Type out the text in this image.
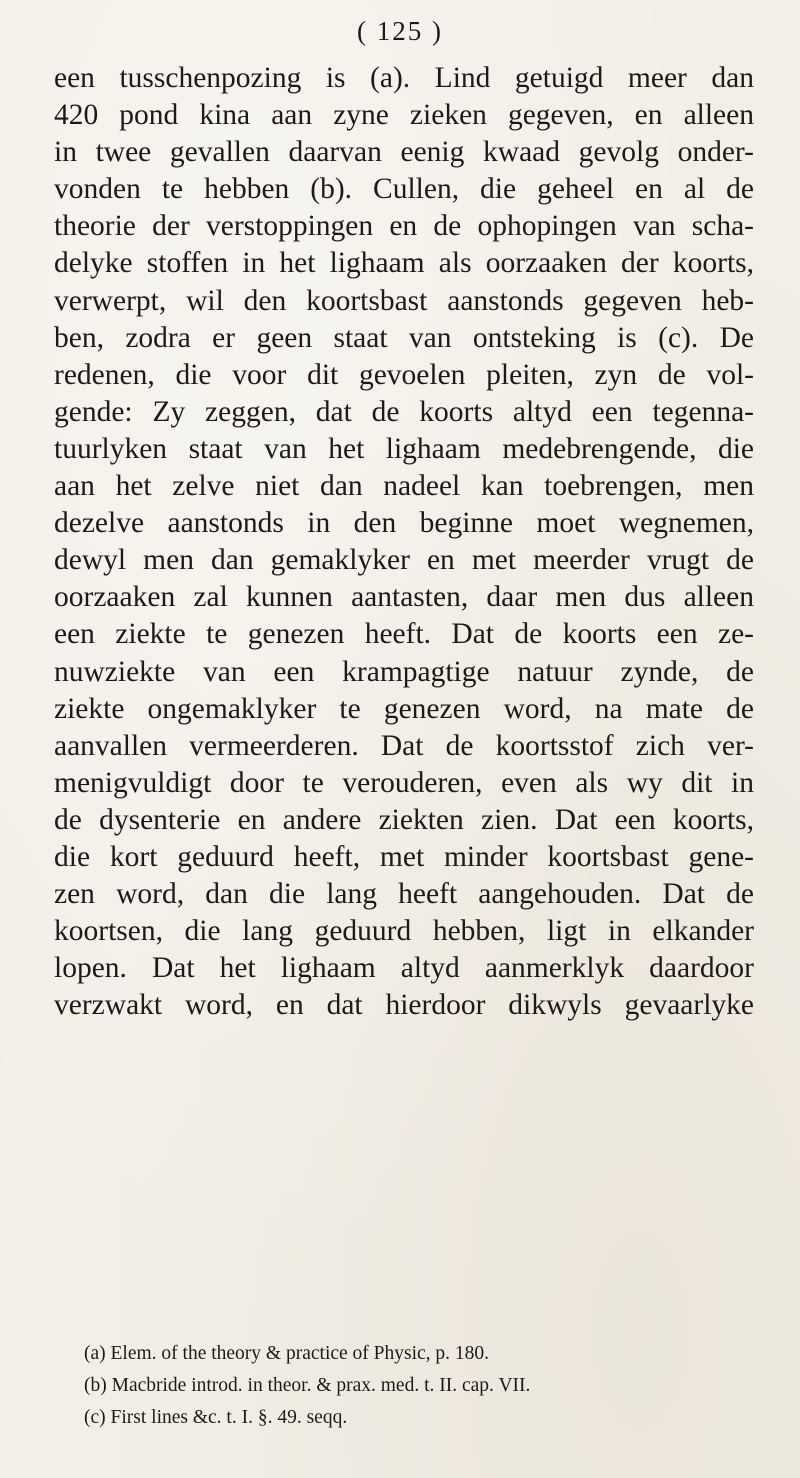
( 125 )
een tusschenpozing is (a). Lind getuigd meer dan
420 pond kina aan zyne zieken gegeven, en alleen
in twee gevallen daarvan eenig kwaad gevolg onder-
vonden te hebben (b). Cullen, die geheel en al de
theorie der verstoppingen en de ophopingen van scha-
delyke stoffen in het lighaam als oorzaaken der koorts,
verwerpt, wil den koortsbast aanstonds gegeven heb-
ben, zodra er geen staat van ontsteking is (c). De
redenen, die voor dit gevoelen pleiten, zyn de vol-
gende: Zy zeggen, dat de koorts altyd een tegenna-
tuurlyken staat van het lighaam medebrengende, die
aan het zelve niet dan nadeel kan toebrengen, men
dezelve aanstonds in den beginne moet wegnemen,
dewyl men dan gemaklyker en met meerder vrugt de
oorzaaken zal kunnen aantasten, daar men dus alleen
een ziekte te genezen heeft. Dat de koorts een ze-
nuwziekte van een krampagtige natuur zynde, de
ziekte ongemaklyker te genezen word, na mate de
aanvallen vermeerderen. Dat de koortsstof zich ver-
menigvuldigt door te verouderen, even als wy dit in
de dysenterie en andere ziekten zien. Dat een koorts,
die kort geduurd heeft, met minder koortsbast gene-
zen word, dan die lang heeft aangehouden. Dat de
koortsen, die lang geduurd hebben, ligt in elkander
lopen. Dat het lighaam altyd aanmerklyk daardoor
verzwakt word, en dat hierdoor dikwyls gevaarlyke
(a) Elem. of the theory & practice of Physic, p. 180.
(b) Macbride introd. in theor. & prax. med. t. II. cap. VII.
(c) First lines &c. t. I. §. 49. seqq.
